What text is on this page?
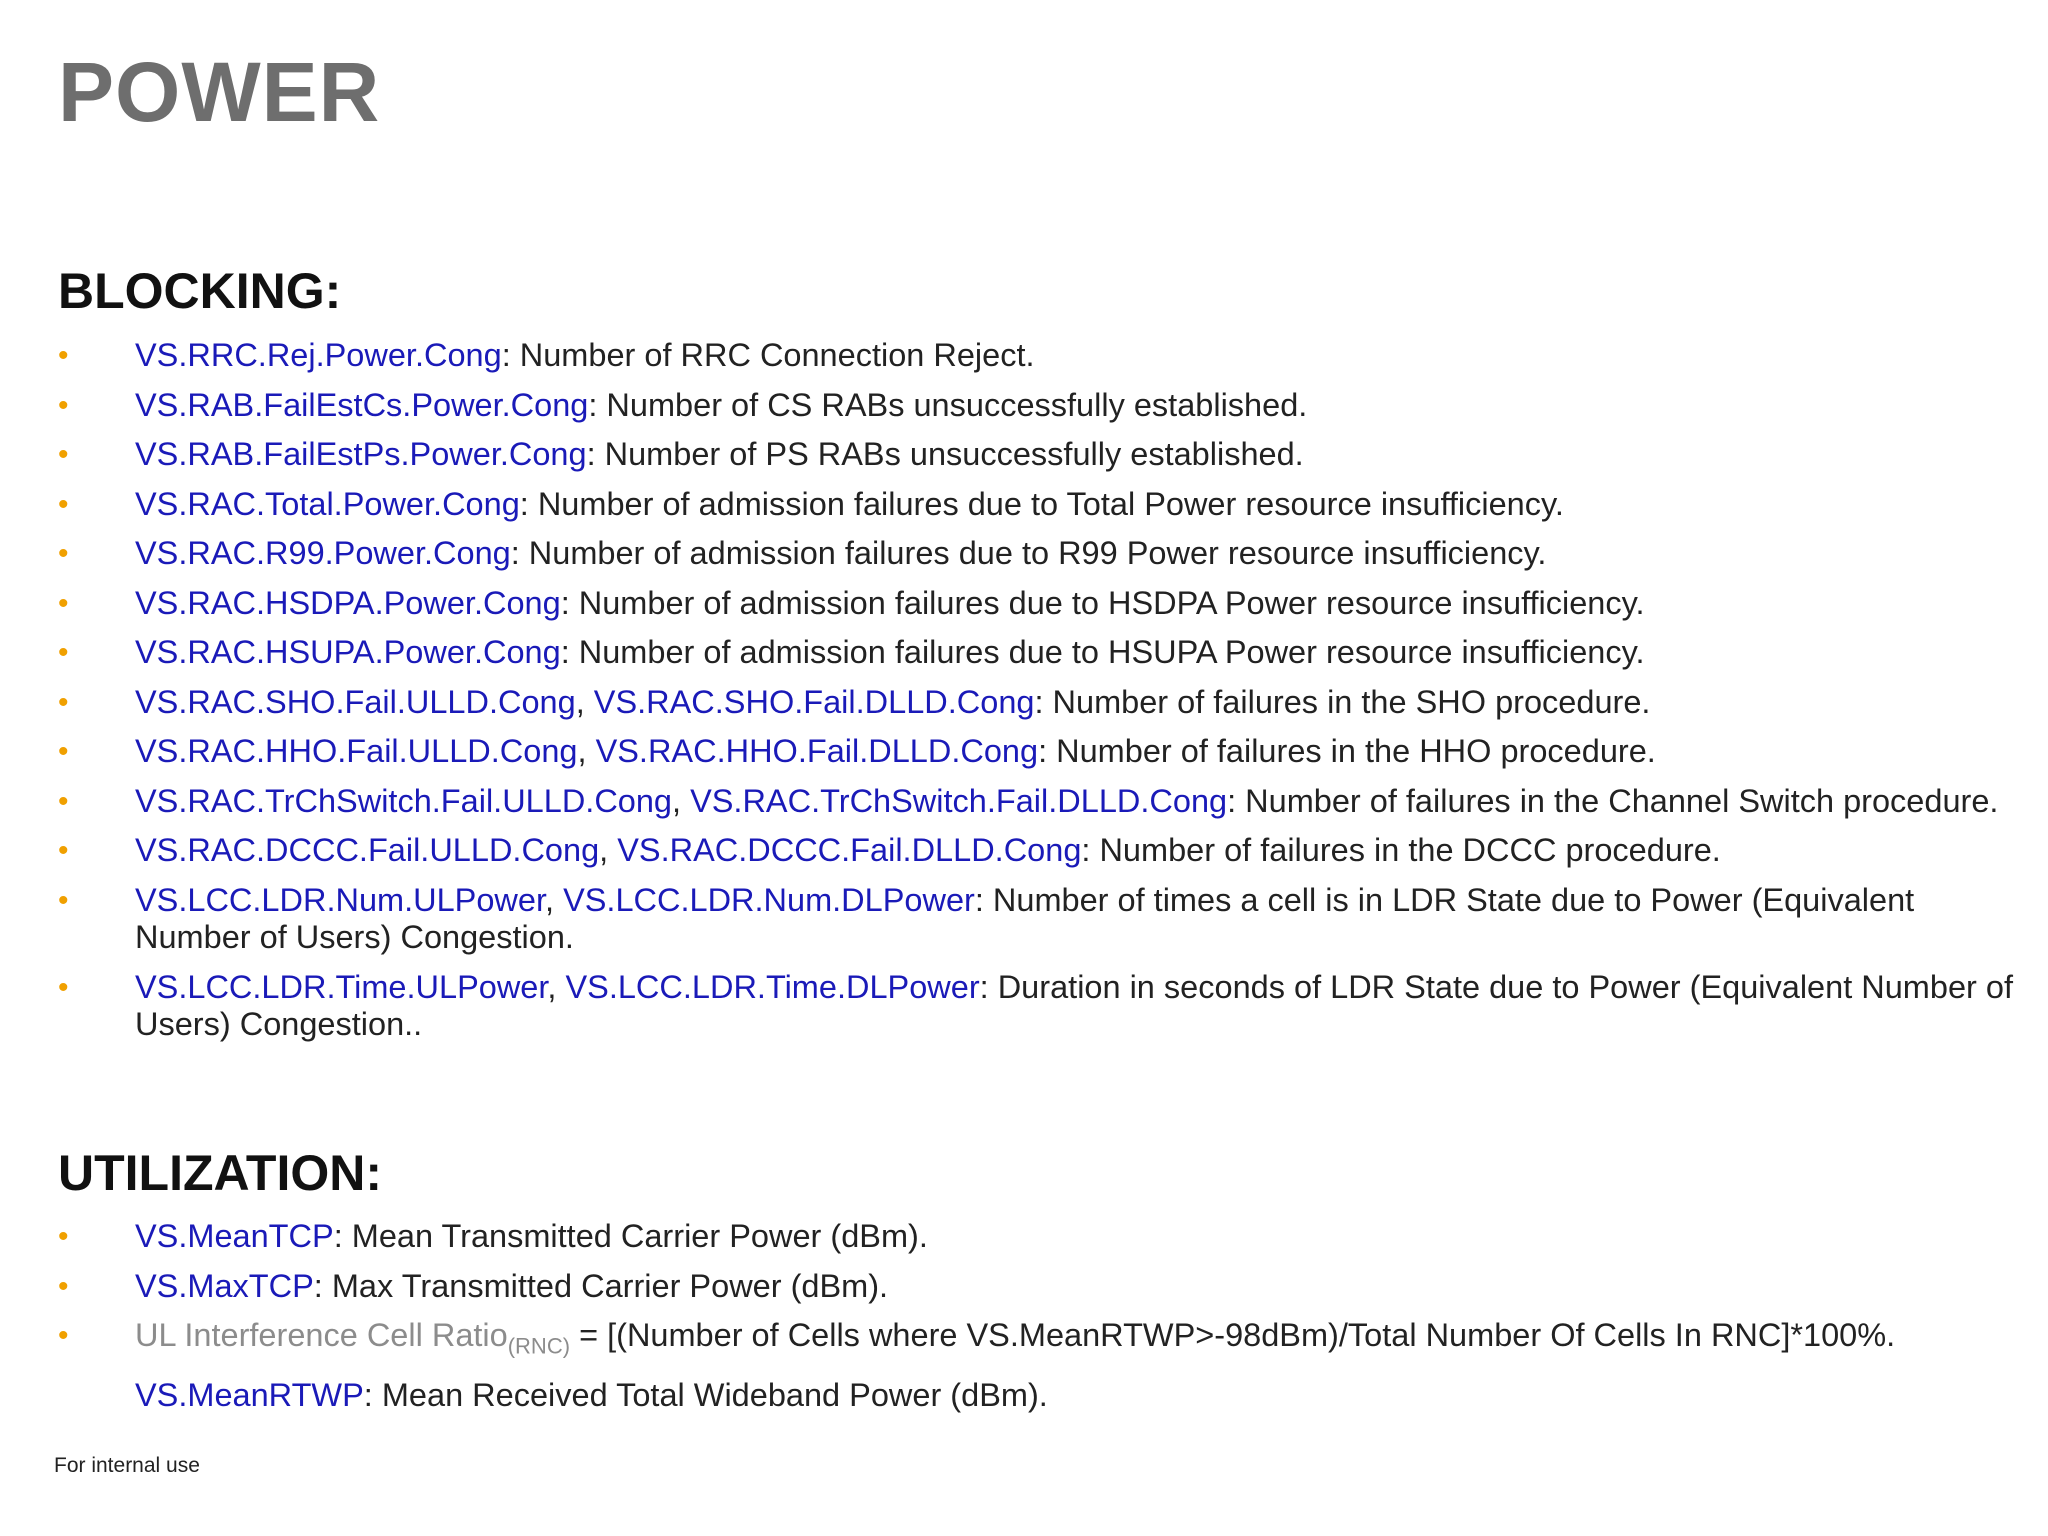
POWER
BLOCKING:
• VS.RRC.Rej.Power.Cong: Number of RRC Connection Reject.
• VS.RAB.FailEstCs.Power.Cong: Number of CS RABs unsuccessfully established.
• VS.RAB.FailEstPs.Power.Cong: Number of PS RABs unsuccessfully established.
• VS.RAC.Total.Power.Cong: Number of admission failures due to Total Power resource insufficiency.
• VS.RAC.R99.Power.Cong: Number of admission failures due to R99 Power resource insufficiency.
• VS.RAC.HSDPA.Power.Cong: Number of admission failures due to HSDPA Power resource insufficiency.
• VS.RAC.HSUPA.Power.Cong: Number of admission failures due to HSUPA Power resource insufficiency.
• VS.RAC.SHO.Fail.ULLD.Cong, VS.RAC.SHO.Fail.DLLD.Cong: Number of failures in the SHO procedure.
• VS.RAC.HHO.Fail.ULLD.Cong, VS.RAC.HHO.Fail.DLLD.Cong: Number of failures in the HHO procedure.
• VS.RAC.TrChSwitch.Fail.ULLD.Cong, VS.RAC.TrChSwitch.Fail.DLLD.Cong: Number of failures in the Channel Switch procedure.
• VS.RAC.DCCC.Fail.ULLD.Cong, VS.RAC.DCCC.Fail.DLLD.Cong: Number of failures in the DCCC procedure.
• VS.LCC.LDR.Num.ULPower, VS.LCC.LDR.Num.DLPower: Number of times a cell is in LDR State due to Power (Equivalent Number of Users) Congestion.
• VS.LCC.LDR.Time.ULPower, VS.LCC.LDR.Time.DLPower: Duration in seconds of LDR State due to Power (Equivalent Number of Users) Congestion..
UTILIZATION:
• VS.MeanTCP: Mean Transmitted Carrier Power (dBm).
• VS.MaxTCP: Max Transmitted Carrier Power (dBm).
• UL Interference Cell Ratio$_{(RNC)}$ = [(Number of Cells where VS.MeanRTWP>-98dBm)/Total Number Of Cells In RNC]*100%.
VS.MeanRTWP: Mean Received Total Wideband Power (dBm).
For internal use
